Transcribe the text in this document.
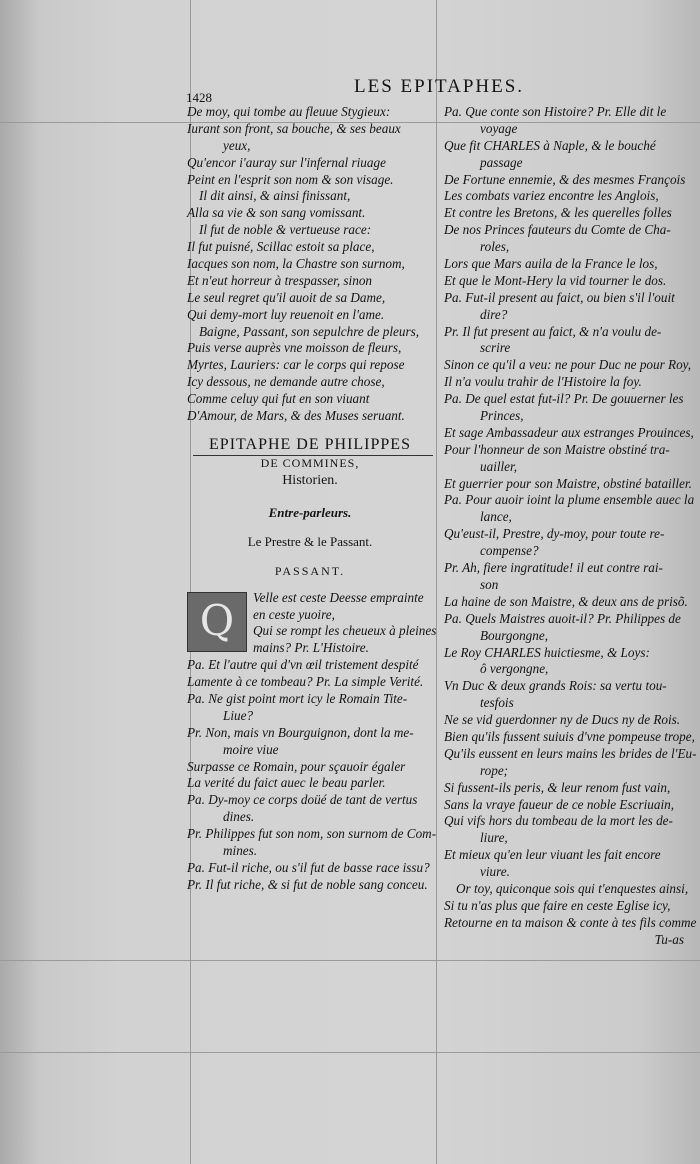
1428
LES EPITAPHES.
De moy, qui tombe au fleuue Stygieux:
Iurant son front, sa bouche, & ses beaux
yeux,
Qu'encor i'auray sur l'infernal riuage
Peint en l'esprit son nom & son visage.
Il dit ainsi, & ainsi finissant,
Alla sa vie & son sang vomissant.
Il fut de noble & vertueuse race:
Il fut puisné, Scillac estoit sa place,
Iacques son nom, la Chastre son surnom,
Et n'eut horreur à trespasser, sinon
Le seul regret qu'il auoit de sa Dame,
Qui demy-mort luy reuenoit en l'ame.
Baigne, Passant, son sepulchre de pleurs,
Puis verse auprès vne moisson de fleurs,
Myrtes, Lauriers: car le corps qui repose
Icy dessous, ne demande autre chose,
Comme celuy qui fut en son viuant
D'Amour, de Mars, & des Muses seruant.
EPITAPHE DE PHILIPPES
DE COMMINES,
Historien.
Entre-parleurs.
Le Prestre & le Passant.
PASSANT.
Q	Velle est ceste Deesse emprainte
en ceste yuoire,
Qui se rompt les cheueux à pleines
mains? Pr. L'Histoire.
Pa. Et l'autre qui d'vn œil tristement despité
Lamente à ce tombeau? Pr. La simple Verité.
Pa. Ne gist point mort icy le Romain Tite-
Liue?
Pr. Non, mais vn Bourguignon, dont la me-
moire viue
Surpasse ce Romain, pour sçauoir égaler
La verité du faict auec le beau parler.
Pa. Dy-moy ce corps doüé de tant de vertus
dines.
Pr. Philippes fut son nom, son surnom de Com-
mines.
Pa. Fut-il riche, ou s'il fut de basse race issu?
Pr. Il fut riche, & si fut de noble sang conceu.
Pa. Que conte son Histoire? Pr. Elle dit le
voyage
Que fit CHARLES à Naple, & le bouché
passage
De Fortune ennemie, & des mesmes François
Les combats variez encontre les Anglois,
Et contre les Bretons, & les querelles folles
De nos Princes fauteurs du Comte de Cha-
roles,
Lors que Mars auila de la France le los,
Et que le Mont-Hery la vid tourner le dos.
Pa. Fut-il present au faict, ou bien s'il l'ouit
dire?
Pr. Il fut present au faict, & n'a voulu de-
scrire
Sinon ce qu'il a veu: ne pour Duc ne pour Roy,
Il n'a voulu trahir de l'Histoire la foy.
Pa. De quel estat fut-il? Pr. De gouuerner les
Princes,
Et sage Ambassadeur aux estranges Prouinces,
Pour l'honneur de son Maistre obstiné tra-
uailler,
Et guerrier pour son Maistre, obstiné batailler.
Pa. Pour auoir ioint la plume ensemble auec la
lance,
Qu'eust-il, Prestre, dy-moy, pour toute re-
compense?
Pr. Ah, fiere ingratitude! il eut contre rai-
son
La haine de son Maistre, & deux ans de prisõ.
Pa. Quels Maistres auoit-il? Pr. Philippes de
Bourgongne,
Le Roy CHARLES huictiesme, & Loys:
ô vergongne,
Vn Duc & deux grands Rois: sa vertu tou-
tesfois
Ne se vid guerdonner ny de Ducs ny de Rois.
Bien qu'ils fussent suiuis d'vne pompeuse trope,
Qu'ils eussent en leurs mains les brides de l'Eu-
rope;
Si fussent-ils peris, & leur renom fust vain,
Sans la vraye faueur de ce noble Escriuain,
Qui vifs hors du tombeau de la mort les de-
liure,
Et mieux qu'en leur viuant les fait encore
viure.
Or toy, quiconque sois qui t'enquestes ainsi,
Si tu n'as plus que faire en ceste Eglise icy,
Retourne en ta maison & conte à tes fils comme
Tu-as
